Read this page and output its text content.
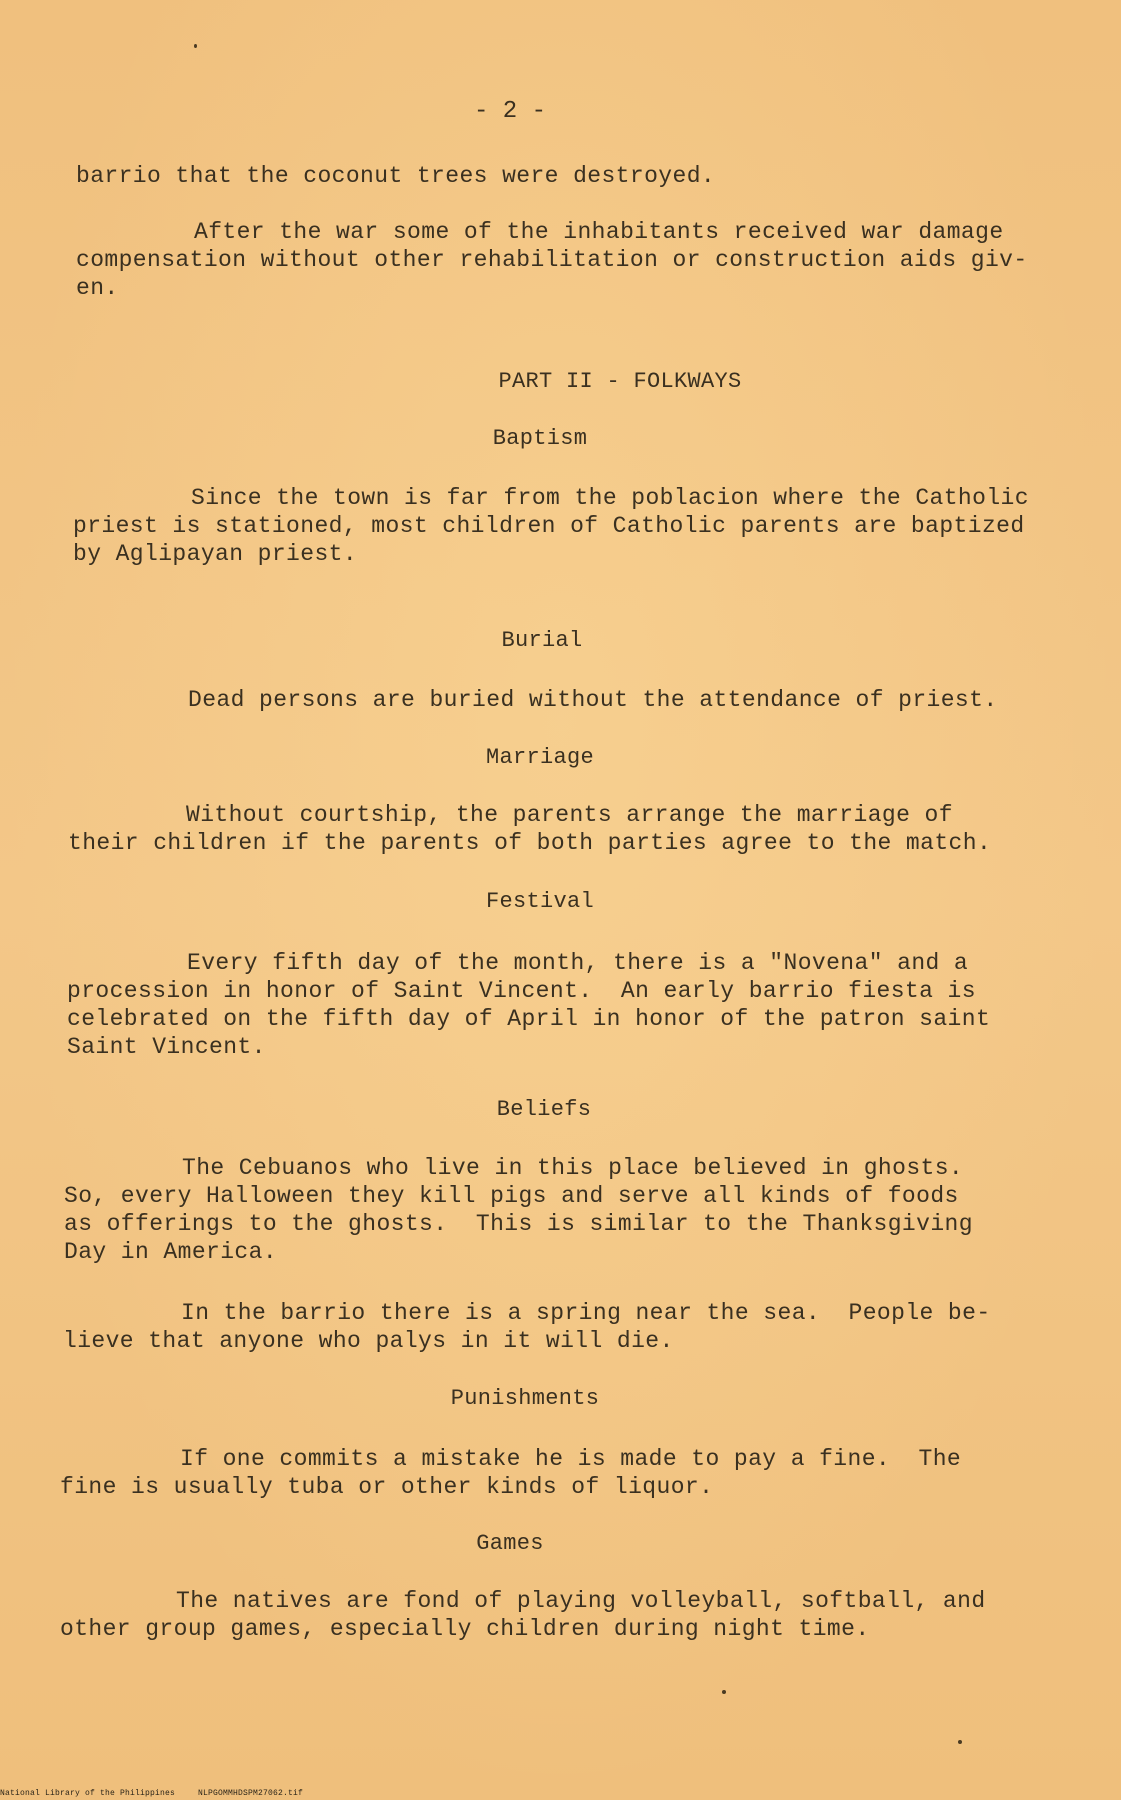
- 2 -

barrio that the coconut trees were destroyed.

After the war some of the inhabitants received war damage
compensation without other rehabilitation or construction aids giv-
en.

PART II - FOLKWAYS
Baptism

Since the town is far from the poblacion where the Catholic
priest is stationed, most children of Catholic parents are baptized
by Aglipayan priest.

Burial

Dead persons are buried without the attendance of priest.

Marriage

Without courtship, the parents arrange the marriage of
their children if the parents of both parties agree to the match.

Festival

Every fifth day of the month, there is a "Novena" and a
procession in honor of Saint Vincent.  An early barrio fiesta is
celebrated on the fifth day of April in honor of the patron saint
Saint Vincent.

Beliefs

The Cebuanos who live in this place believed in ghosts.
So, every Halloween they kill pigs and serve all kinds of foods
as offerings to the ghosts.  This is similar to the Thanksgiving
Day in America.

In the barrio there is a spring near the sea.  People be-
lieve that anyone who palys in it will die.

Punishments

If one commits a mistake he is made to pay a fine.  The
fine is usually tuba or other kinds of liquor.

Games

The natives are fond of playing volleyball, softball, and
other group games, especially children during night time.

National Library of the Philippines	NLPGOMMHDSPM27062.tif
